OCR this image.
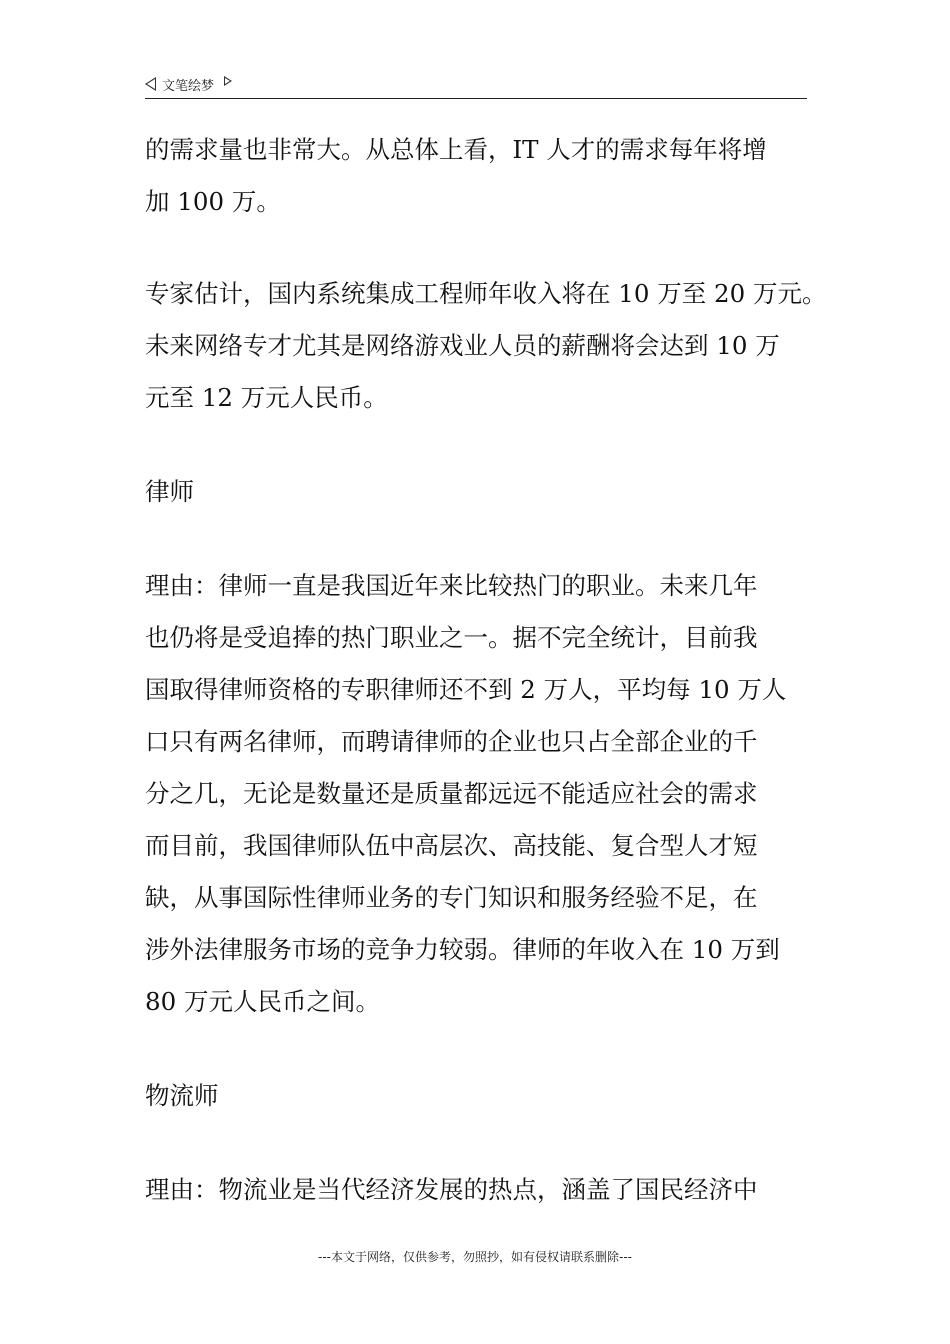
文笔绘梦

的需求量也非常大。从总体上看，IT 人才的需求每年将增
加 100 万。

专家估计，国内系统集成工程师年收入将在 10 万至 20 万元。
未来网络专才尤其是网络游戏业人员的薪酬将会达到 10 万
元至 12 万元人民币。

律师

理由：律师一直是我国近年来比较热门的职业。未来几年
也仍将是受追捧的热门职业之一。据不完全统计，目前我
国取得律师资格的专职律师还不到 2 万人，平均每 10 万人
口只有两名律师，而聘请律师的企业也只占全部企业的千
分之几，无论是数量还是质量都远远不能适应社会的需求
而目前，我国律师队伍中高层次、高技能、复合型人才短
缺，从事国际性律师业务的专门知识和服务经验不足，在
涉外法律服务市场的竞争力较弱。律师的年收入在 10 万到
80 万元人民币之间。

物流师

理由：物流业是当代经济发展的热点，涵盖了国民经济中

---本文于网络，仅供参考，勿照抄，如有侵权请联系删除---
